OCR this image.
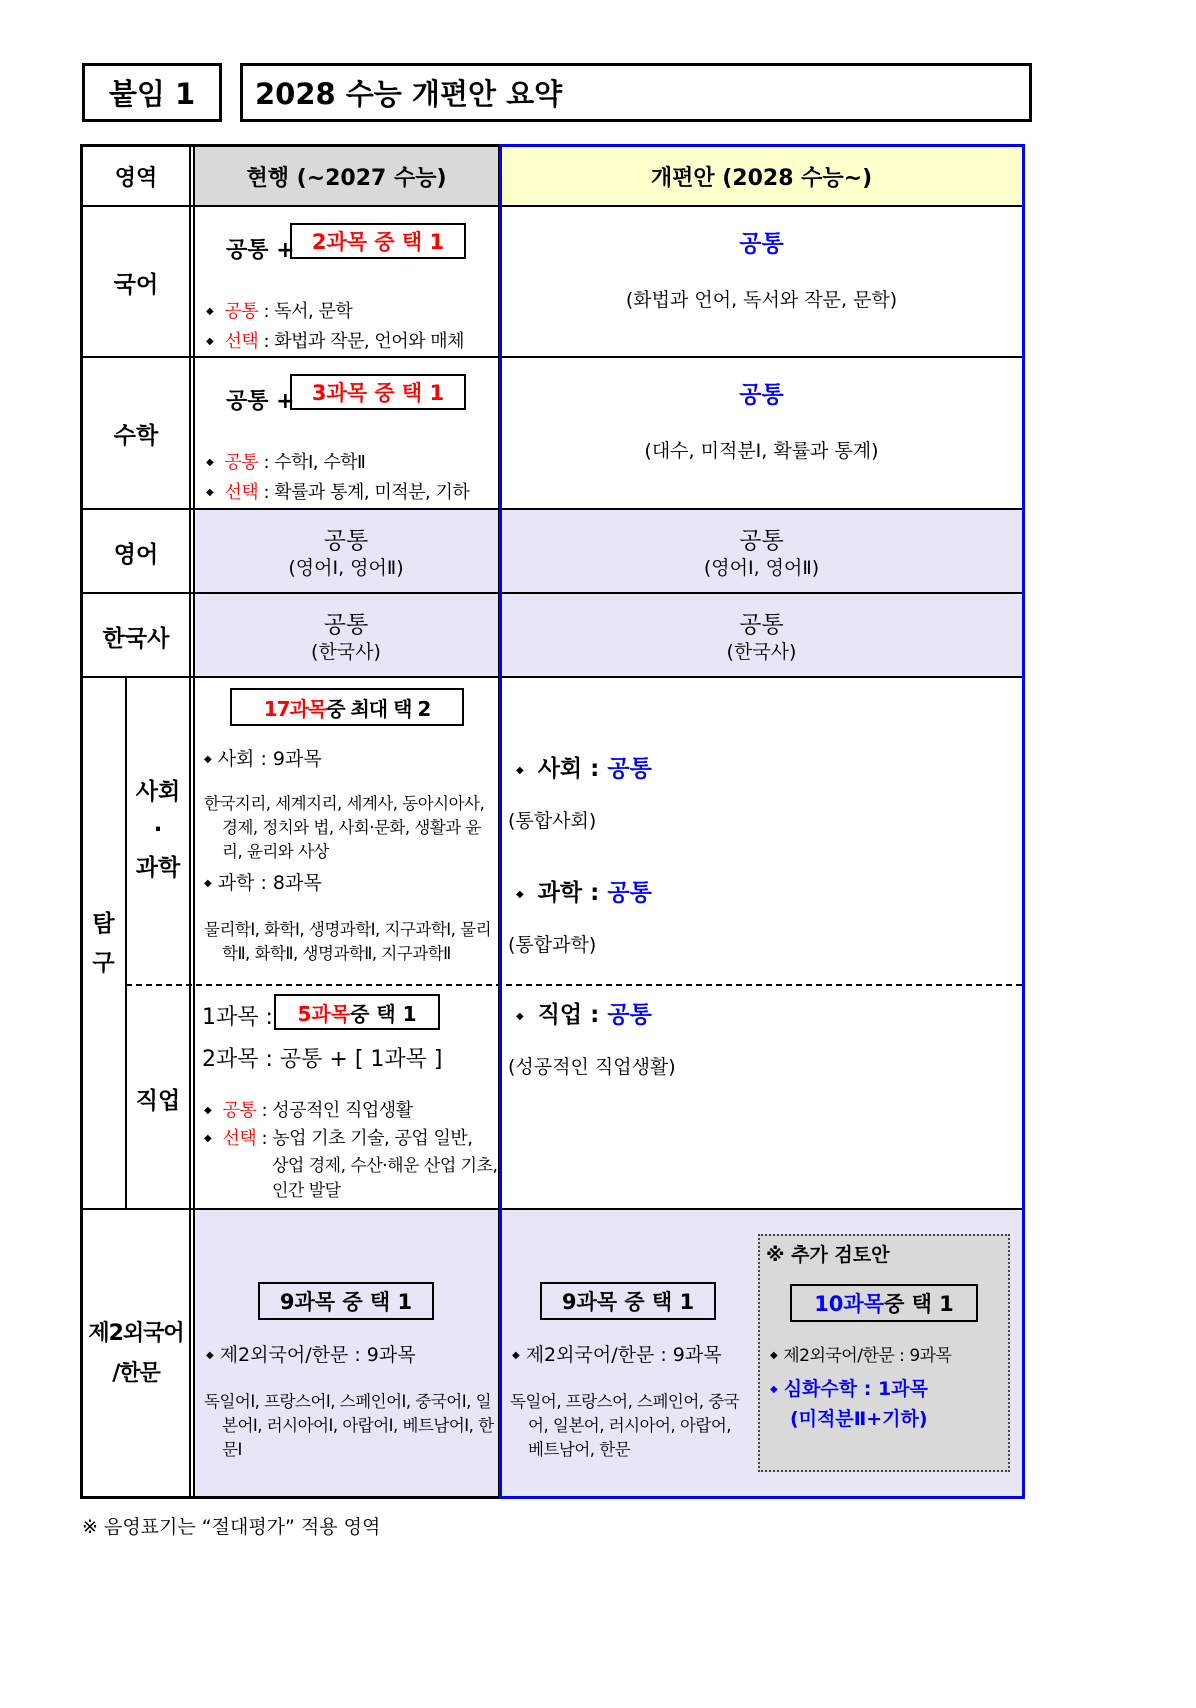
붙임 1 2028 수능 개편안 요약
영역	현행 (~2027 수능)	개편안 (2028 수능~)
국어
공통 + 2과목 중 택 1
◆ 공통 : 독서, 문학
◆ 선택 : 화법과 작문, 언어와 매체
공통
(화법과 언어, 독서와 작문, 문학)
수학
공통 + 3과목 중 택 1
◆ 공통 : 수학Ⅰ, 수학Ⅱ
◆ 선택 : 확률과 통계, 미적분, 기하
공통
(대수, 미적분Ⅰ, 확률과 통계)
영어
공통
(영어Ⅰ, 영어Ⅱ)
공통
(영어Ⅰ, 영어Ⅱ)
한국사
공통
(한국사)
공통
(한국사)
탐
구
사회
·
과학
17과목 중 최대 택 2
◆ 사회 : 9과목
한국지리, 세계지리, 세계사, 동아시아사, 경제, 정치와 법, 사회·문화, 생활과 윤리, 윤리와 사상
◆ 과학 : 8과목
물리학Ⅰ, 화학Ⅰ, 생명과학Ⅰ, 지구과학Ⅰ, 물리학Ⅱ, 화학Ⅱ, 생명과학Ⅱ, 지구과학Ⅱ
◆ 사회 : 공통
(통합사회)
◆ 과학 : 공통
(통합과학)
직업
1과목 : 5과목 중 택 1
2과목 : 공통 + [ 1과목 ]
◆ 공통 : 성공적인 직업생활
◆ 선택 : 농업 기초 기술, 공업 일반,
상업 경제, 수산·해운 산업 기초, 인간 발달
◆ 직업 : 공통
(성공적인 직업생활)
제2외국어
/한문
9과목 중 택 1
◆ 제2외국어/한문 : 9과목
독일어Ⅰ, 프랑스어Ⅰ, 스페인어Ⅰ, 중국어Ⅰ, 일본어Ⅰ, 러시아어Ⅰ, 아랍어Ⅰ, 베트남어Ⅰ, 한문Ⅰ
9과목 중 택 1
◆ 제2외국어/한문 : 9과목
독일어, 프랑스어, 스페인어, 중국어, 일본어, 러시아어, 아랍어, 베트남어, 한문
※ 추가 검토안
10과목 중 택 1
◆ 제2외국어/한문 : 9과목
◆ 심화수학 : 1과목
(미적분Ⅱ+기하)
※ 음영표기는 “절대평가” 적용 영역
